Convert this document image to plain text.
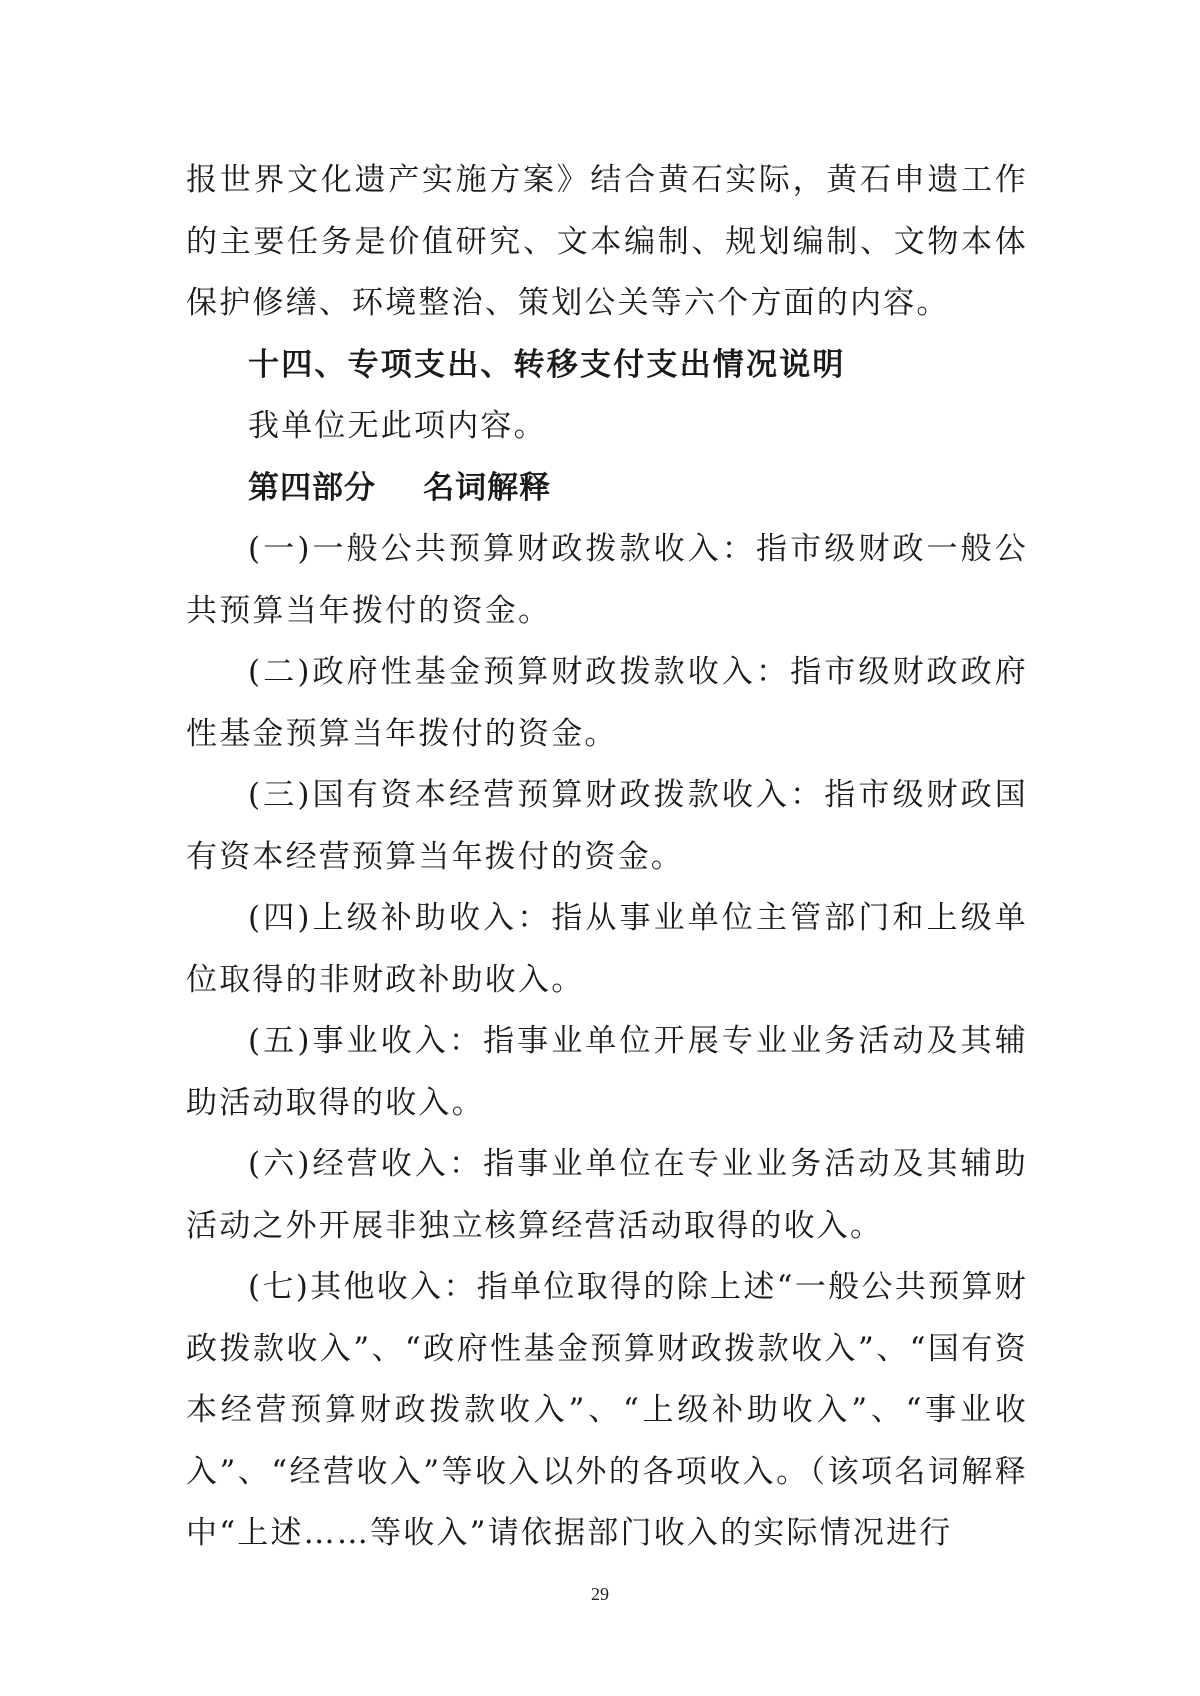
报世界文化遗产实施方案》结合黄石实际，黄石申遗工作的主要任务是价值研究、文本编制、规划编制、文物本体保护修缮、环境整治、策划公关等六个方面的内容。

十四、专项支出、转移支付支出情况说明

我单位无此项内容。

第四部分    名词解释

(一)一般公共预算财政拨款收入：指市级财政一般公共预算当年拨付的资金。

(二)政府性基金预算财政拨款收入：指市级财政政府性基金预算当年拨付的资金。

(三)国有资本经营预算财政拨款收入：指市级财政国有资本经营预算当年拨付的资金。

(四)上级补助收入：指从事业单位主管部门和上级单位取得的非财政补助收入。

(五)事业收入：指事业单位开展专业业务活动及其辅助活动取得的收入。

(六)经营收入：指事业单位在专业业务活动及其辅助活动之外开展非独立核算经营活动取得的收入。

(七)其他收入：指单位取得的除上述“一般公共预算财政拨款收入”、“政府性基金预算财政拨款收入”、“国有资本经营预算财政拨款收入”、“上级补助收入”、“事业收入”、“经营收入”等收入以外的各项收入。（该项名词解释中“上述……等收入”请依据部门收入的实际情况进行

29
